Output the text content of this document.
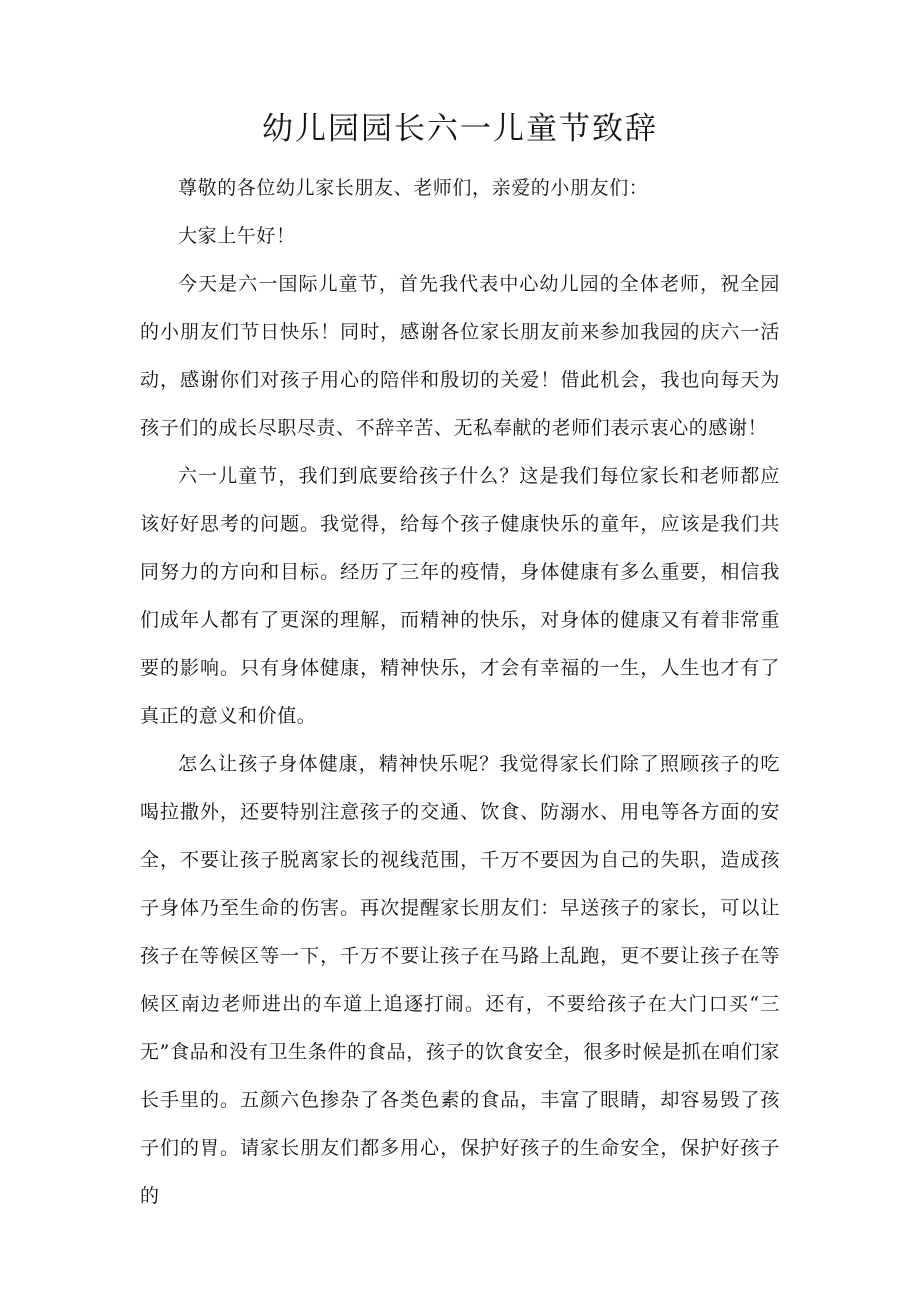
幼儿园园长六一儿童节致辞

尊敬的各位幼儿家长朋友、老师们，亲爱的小朋友们：

大家上午好！

今天是六一国际儿童节，首先我代表中心幼儿园的全体老师，祝全园的小朋友们节日快乐！同时，感谢各位家长朋友前来参加我园的庆六一活动，感谢你们对孩子用心的陪伴和殷切的关爱！借此机会，我也向每天为孩子们的成长尽职尽责、不辞辛苦、无私奉献的老师们表示衷心的感谢！

六一儿童节，我们到底要给孩子什么？这是我们每位家长和老师都应该好好思考的问题。我觉得，给每个孩子健康快乐的童年，应该是我们共同努力的方向和目标。经历了三年的疫情，身体健康有多么重要，相信我们成年人都有了更深的理解，而精神的快乐，对身体的健康又有着非常重要的影响。只有身体健康，精神快乐，才会有幸福的一生，人生也才有了真正的意义和价值。

怎么让孩子身体健康，精神快乐呢？我觉得家长们除了照顾孩子的吃喝拉撒外，还要特别注意孩子的交通、饮食、防溺水、用电等各方面的安全，不要让孩子脱离家长的视线范围，千万不要因为自己的失职，造成孩子身体乃至生命的伤害。再次提醒家长朋友们：早送孩子的家长，可以让孩子在等候区等一下，千万不要让孩子在马路上乱跑，更不要让孩子在等候区南边老师进出的车道上追逐打闹。还有，不要给孩子在大门口买“三无”食品和没有卫生条件的食品，孩子的饮食安全，很多时候是抓在咱们家长手里的。五颜六色掺杂了各类色素的食品，丰富了眼睛，却容易毁了孩子们的胃。请家长朋友们都多用心，保护好孩子的生命安全，保护好孩子的
